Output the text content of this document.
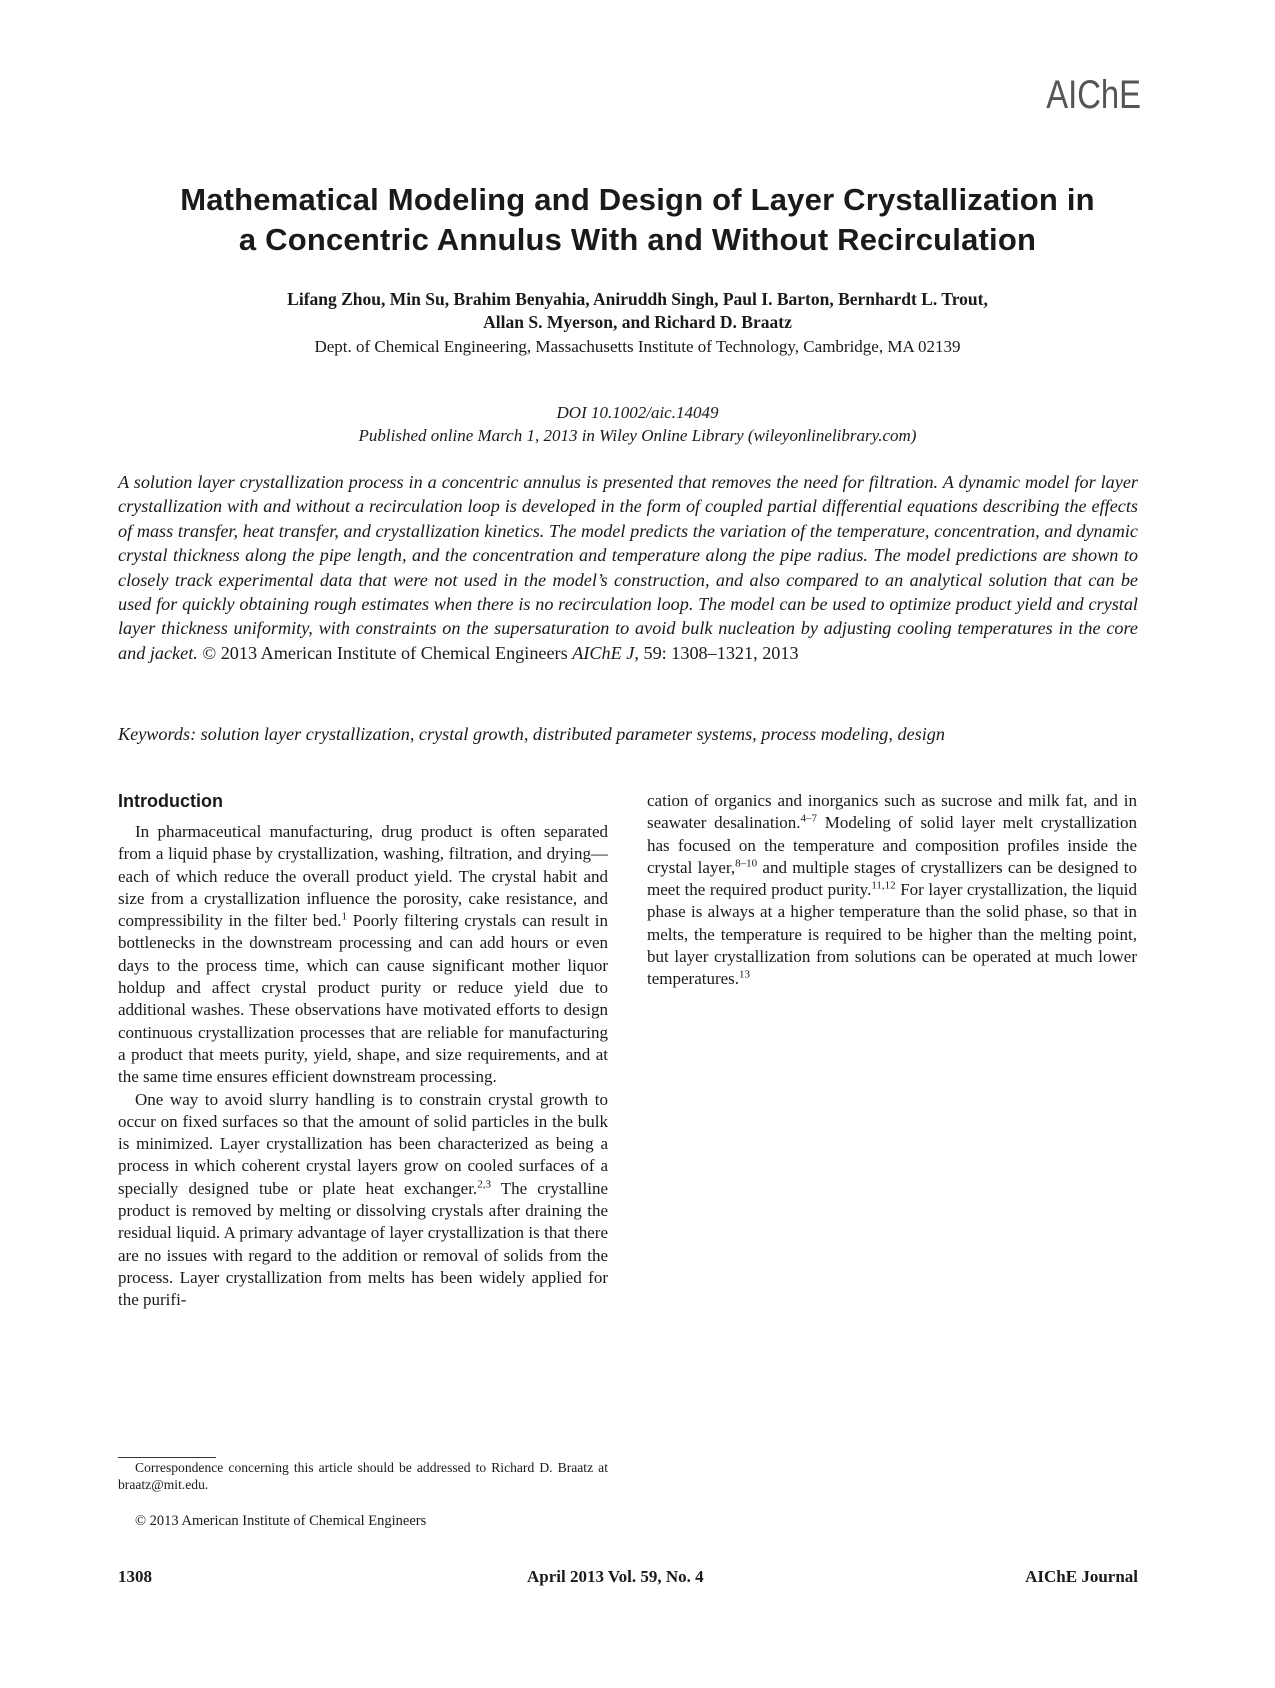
AIChE
Mathematical Modeling and Design of Layer Crystallization in
a Concentric Annulus With and Without Recirculation
Lifang Zhou, Min Su, Brahim Benyahia, Aniruddh Singh, Paul I. Barton, Bernhardt L. Trout,
Allan S. Myerson, and Richard D. Braatz
Dept. of Chemical Engineering, Massachusetts Institute of Technology, Cambridge, MA 02139
DOI 10.1002/aic.14049
Published online March 1, 2013 in Wiley Online Library (wileyonlinelibrary.com)

A solution layer crystallization process in a concentric annulus is presented that removes the need for filtration. A dynamic model for layer crystallization with and without a recirculation loop is developed in the form of coupled partial differential equations describing the effects of mass transfer, heat transfer, and crystallization kinetics. The model predicts the variation of the temperature, concentration, and dynamic crystal thickness along the pipe length, and the concentration and temperature along the pipe radius. The model predictions are shown to closely track experimental data that were not used in the model’s construction, and also compared to an analytical solution that can be used for quickly obtaining rough estimates when there is no recirculation loop. The model can be used to optimize product yield and crystal layer thickness uniformity, with constraints on the supersaturation to avoid bulk nucleation by adjusting cooling temperatures in the core and jacket. © 2013 American Institute of Chemical Engineers AIChE J, 59: 1308–1321, 2013

Keywords: solution layer crystallization, crystal growth, distributed parameter systems, process modeling, design

Introduction

In pharmaceutical manufacturing, drug product is often separated from a liquid phase by crystallization, washing, filtration, and drying—each of which reduce the overall product yield. The crystal habit and size from a crystallization influence the porosity, cake resistance, and compressibility in the filter bed.$^1$ Poorly filtering crystals can result in bottlenecks in the downstream processing and can add hours or even days to the process time, which can cause significant mother liquor holdup and affect crystal product purity or reduce yield due to additional washes. These observations have motivated efforts to design continuous crystallization processes that are reliable for manufacturing a product that meets purity, yield, shape, and size requirements, and at the same time ensures efficient downstream processing.

One way to avoid slurry handling is to constrain crystal growth to occur on fixed surfaces so that the amount of solid particles in the bulk is minimized. Layer crystallization has been characterized as being a process in which coherent crystal layers grow on cooled surfaces of a specially designed tube or plate heat exchanger.$^{2,3}$ The crystalline product is removed by melting or dissolving crystals after draining the residual liquid. A primary advantage of layer crystallization is that there are no issues with regard to the addition or removal of solids from the process. Layer crystallization from melts has been widely applied for the purifi-

cation of organics and inorganics such as sucrose and milk fat, and in seawater desalination.$^{4-7}$ Modeling of solid layer melt crystallization has focused on the temperature and composition profiles inside the crystal layer,$^{8-10}$ and multiple stages of crystallizers can be designed to meet the required product purity.$^{11,12}$ For layer crystallization, the liquid phase is always at a higher temperature than the solid phase, so that in melts, the temperature is required to be higher than the melting point, but layer crystallization from solutions can be operated at much lower temperatures.$^{13}$

Correspondence concerning this article should be addressed to Richard D. Braatz at braatz@mit.edu.

© 2013 American Institute of Chemical Engineers

1308	April 2013 Vol. 59, No. 4	AIChE Journal
